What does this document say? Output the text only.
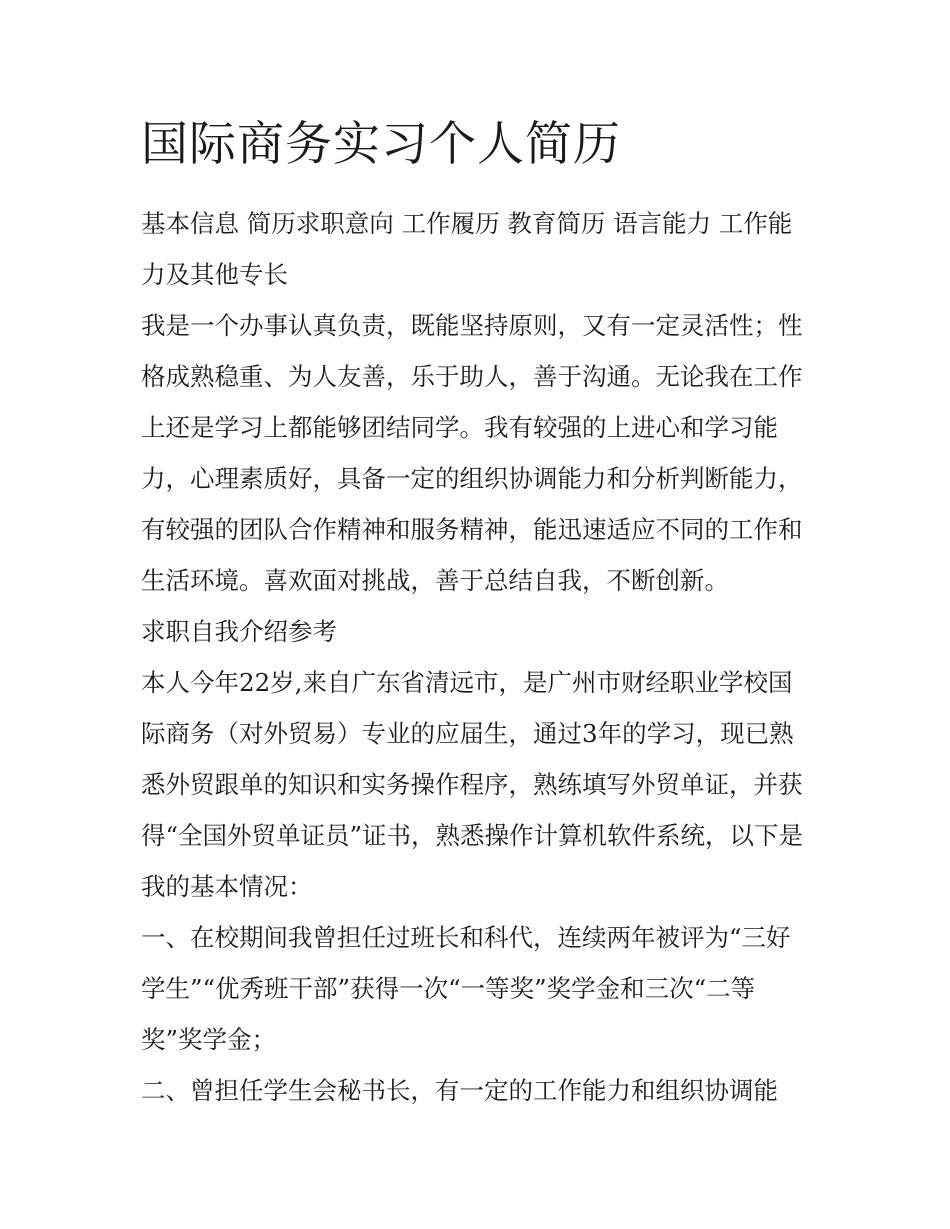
国际商务实习个人简历

基本信息 简历求职意向 工作履历 教育简历 语言能力 工作能力及其他专长

我是一个办事认真负责，既能坚持原则，又有一定灵活性；性格成熟稳重、为人友善，乐于助人，善于沟通。无论我在工作上还是学习上都能够团结同学。我有较强的上进心和学习能力，心理素质好，具备一定的组织协调能力和分析判断能力，有较强的团队合作精神和服务精神，能迅速适应不同的工作和生活环境。喜欢面对挑战，善于总结自我，不断创新。

求职自我介绍参考

本人今年22岁,来自广东省清远市，是广州市财经职业学校国际商务（对外贸易）专业的应届生，通过3年的学习，现已熟悉外贸跟单的知识和实务操作程序，熟练填写外贸单证，并获得“全国外贸单证员”证书，熟悉操作计算机软件系统，以下是我的基本情况：

一、在校期间我曾担任过班长和科代，连续两年被评为“三好学生”“优秀班干部”获得一次“一等奖”奖学金和三次“二等奖”奖学金；

二、曾担任学生会秘书长，有一定的工作能力和组织协调能
